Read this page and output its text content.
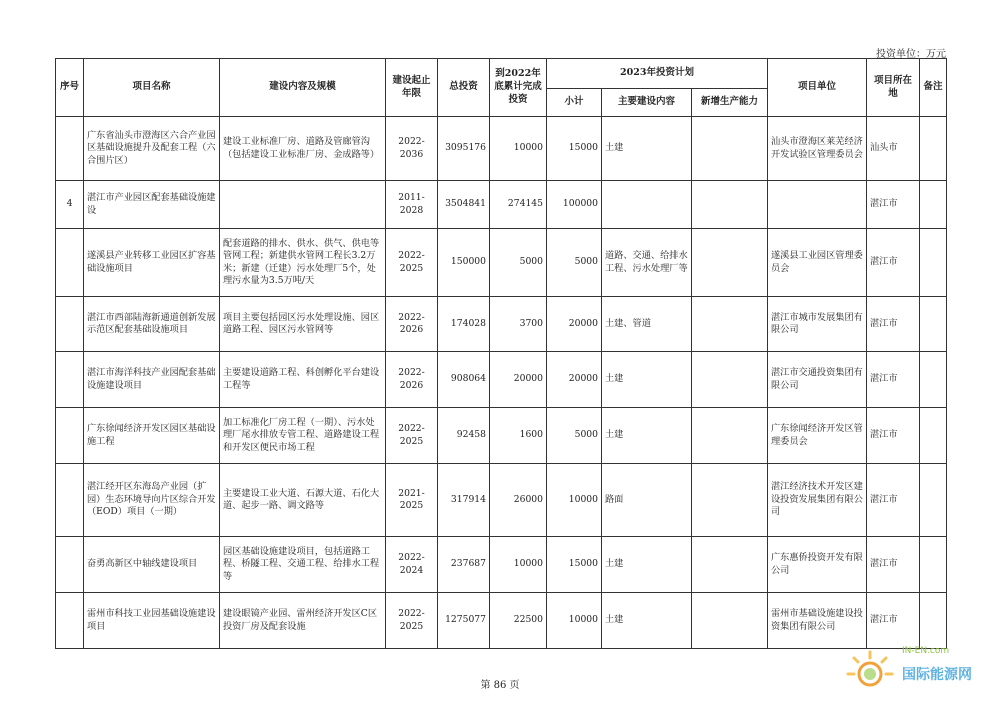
投资单位：万元
序号	项目名称	建设内容及规模	建设起止年限	总投资	到2022年底累计完成投资	2023年投资计划			项目单位	项目所在地	备注
						小计	主要建设内容	新增生产能力			
	广东省汕头市澄海区六合产业园区基础设施提升及配套工程（六合围片区）	建设工业标准厂房、道路及管廊管沟（包括建设工业标准厂房、金成路等）	2022-2036	3095176	10000	15000	土建		汕头市澄海区莱芜经济开发试验区管理委员会	汕头市	
4	湛江市产业园区配套基础设施建设		2011-2028	3504841	274145	100000				湛江市	
	遂溪县产业转移工业园区扩容基础设施项目	配套道路的排水、供水、供气、供电等管网工程；新建供水管网工程长3.2万米；新建（迁建）污水处理厂5个，处理污水量为3.5万吨/天	2022-2025	150000	5000	5000	道路、交通、给排水工程、污水处理厂等		遂溪县工业园区管理委员会	湛江市	
	湛江市西部陆海新通道创新发展示范区配套基础设施项目	项目主要包括园区污水处理设施、园区道路工程、园区污水管网等	2022-2026	174028	3700	20000	土建、管道		湛江市城市发展集团有限公司	湛江市	
	湛江市海洋科技产业园配套基础设施建设项目	主要建设道路工程、科创孵化平台建设工程等	2022-2026	908064	20000	20000	土建		湛江市交通投资集团有限公司	湛江市	
	广东徐闻经济开发区园区基础设施工程	加工标准化厂房工程（一期）、污水处理厂尾水排放专管工程、道路建设工程和开发区便民市场工程	2022-2025	92458	1600	5000	土建		广东徐闻经济开发区管理委员会	湛江市	
	湛江经开区东海岛产业园（扩园）生态环境导向片区综合开发（EOD）项目（一期）	主要建设工业大道、石源大道、石化大道、起步一路、调文路等	2021-2025	317914	26000	10000	路面		湛江经济技术开发区建设投资发展集团有限公司	湛江市	
	奋勇高新区中轴线建设项目	园区基础设施建设项目，包括道路工程、桥隧工程、交通工程、给排水工程等	2022-2024	237687	10000	15000	土建		广东惠侨投资开发有限公司	湛江市	
	雷州市科技工业园基础设施建设项目	建设眼镜产业园、雷州经济开发区C区投资厂房及配套设施	2022-2025	1275077	22500	10000	土建		雷州市基础设施建设投资集团有限公司	湛江市	
第 86 页
IN-EN.com
国际能源网
